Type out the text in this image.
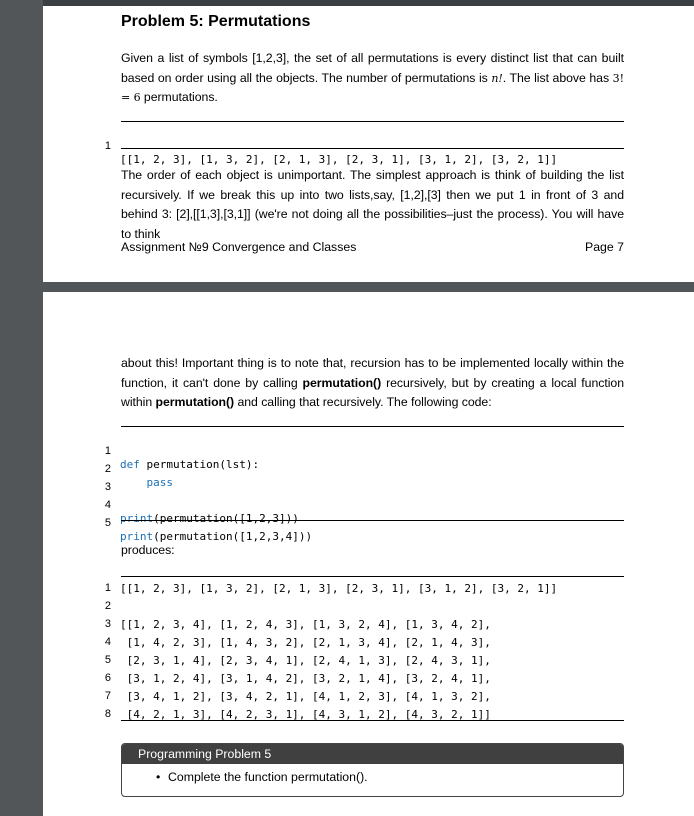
Problem 5: Permutations

Given a list of symbols [1,2,3], the set of all permutations is every distinct list that can built based on order using all the objects. The number of permutations is n!. The list above has 3! = 6 permutations.

1

[[1, 2, 3], [1, 3, 2], [2, 1, 3], [2, 3, 1], [3, 1, 2], [3, 2, 1]]

The order of each object is unimportant. The simplest approach is think of building the list recursively. If we break this up into two lists,say, [1,2],[3] then we put 1 in front of 3 and behind 3: [2],[[1,3],[3,1]] (we're not doing all the possibilities–just the process). You will have to think

Assignment №9 Convergence and Classes	Page 7

about this! Important thing is to note that, recursion has to be implemented locally within the function, it can't done by calling permutation() recursively, but by creating a local function within permutation() and calling that recursively. The following code:

1

def permutation(lst):

2

pass

3

4

print(permutation([1,2,3]))

5

print(permutation([1,2,3,4]))

produces:

1 [[1, 2, 3], [1, 3, 2], [2, 1, 3], [2, 3, 1], [3, 1, 2], [3, 2, 1]]
2
3 [[1, 2, 3, 4], [1, 2, 4, 3], [1, 3, 2, 4], [1, 3, 4, 2],
4 [1, 4, 2, 3], [1, 4, 3, 2], [2, 1, 3, 4], [2, 1, 4, 3],
5 [2, 3, 1, 4], [2, 3, 4, 1], [2, 4, 1, 3], [2, 4, 3, 1],
6 [3, 1, 2, 4], [3, 1, 4, 2], [3, 2, 1, 4], [3, 2, 4, 1],
7 [3, 4, 1, 2], [3, 4, 2, 1], [4, 1, 2, 3], [4, 1, 3, 2],
8 [4, 2, 1, 3], [4, 2, 3, 1], [4, 3, 1, 2], [4, 3, 2, 1]]
Programming Problem 5
• Complete the function permutation().
